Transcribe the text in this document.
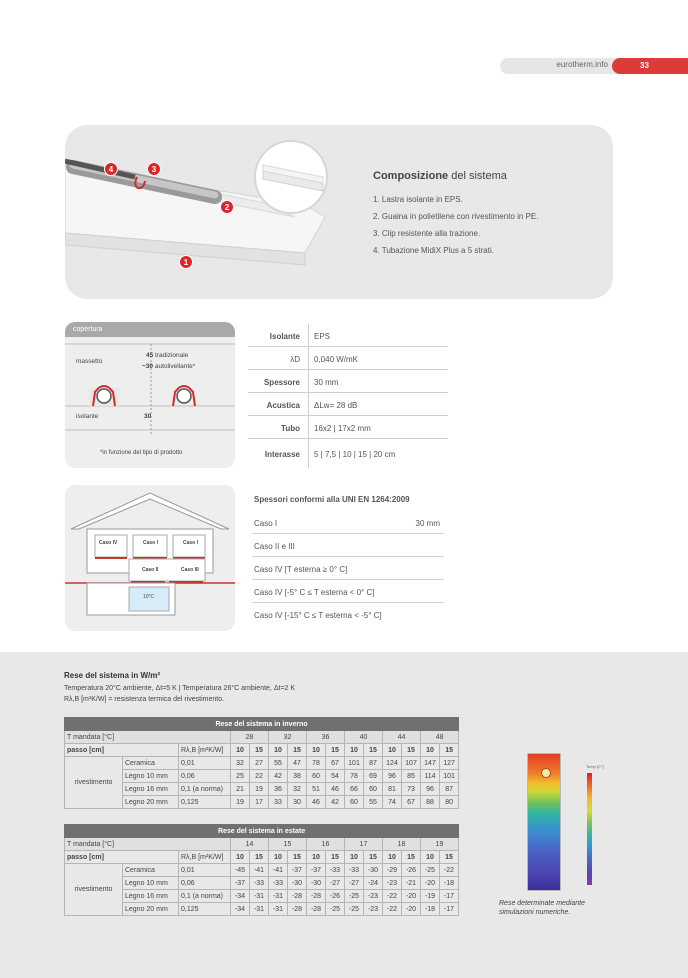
eurotherm.info	33
4	3
2
1
Composizione del sistema
1. Lastra isolante in EPS.
2. Guaina in polietilene con rivestimento in PE.
3. Clip resistente alla trazione.
4. Tubazione MidiX Plus a 5 strati.
copertura
massetto
45 tradizionale
~30 autolivellante*
isolante	30
*in funzione del tipo di prodotto
Isolante EPS
λD 0,040 W/mK
Spessore 30 mm
Acustica ΔLw= 28 dB
Tubo 16x2 | 17x2 mm
Interasse 5 | 7,5 | 10 | 15 | 20 cm
Caso IV	Caso I	Caso I
Caso II	Caso III
10°C
Spessori conformi alla UNI EN 1264:2009
Caso I	30 mm
Caso II e III
Caso IV [T esterna ≥ 0° C]
Caso IV [-5° C ≤ T esterna < 0° C]
Caso IV [-15° C ≤ T esterna < -5° C]
Rese del sistema in W/m²
Temperatura 20°C ambiente, Δt=5 K | Temperatura 26°C ambiente, Δt=2 K
Rλ,B [m²K/W] = resistenza termica del rivestimento.
Rese del sistema in inverno														
T mandata [°C]			28		32		36		40		44		48	
passo [cm]		Rλ,B [m²K/W]	10	15	10	15	10	15	10	15	10	15	10	15
rivestimento	Ceramica	0,01	32	27	55	47	78	67	101	87	124	107	147	127
	Legno 10 mm	0,06	25	22	42	38	60	54	78	69	96	85	114	101
	Legno 16 mm	0,1 (a norma)	21	19	36	32	51	46	66	60	81	73	96	87
	Legno 20 mm	0,125	19	17	33	30	46	42	60	55	74	67	88	80
Rese del sistema in estate														
T mandata [°C]			14		15		16		17		18		19	
passo [cm]		Rλ,B [m²K/W]	10	15	10	15	10	15	10	15	10	15	10	15
rivestimento	Ceramica	0,01	-45	-41	-41	-37	-37	-33	-33	-30	-29	-26	-25	-22
	Legno 10 mm	0,06	-37	-33	-33	-30	-30	-27	-27	-24	-23	-21	-20	-18
	Legno 16 mm	0,1 (a norma)	-34	-31	-31	-28	-28	-26	-25	-23	-22	-20	-19	-17
	Legno 20 mm	0,125	-34	-31	-31	-28	-28	-25	-25	-23	-22	-20	-18	-17
Temp [C°]
Rese determinate mediante simulazioni numeriche.
